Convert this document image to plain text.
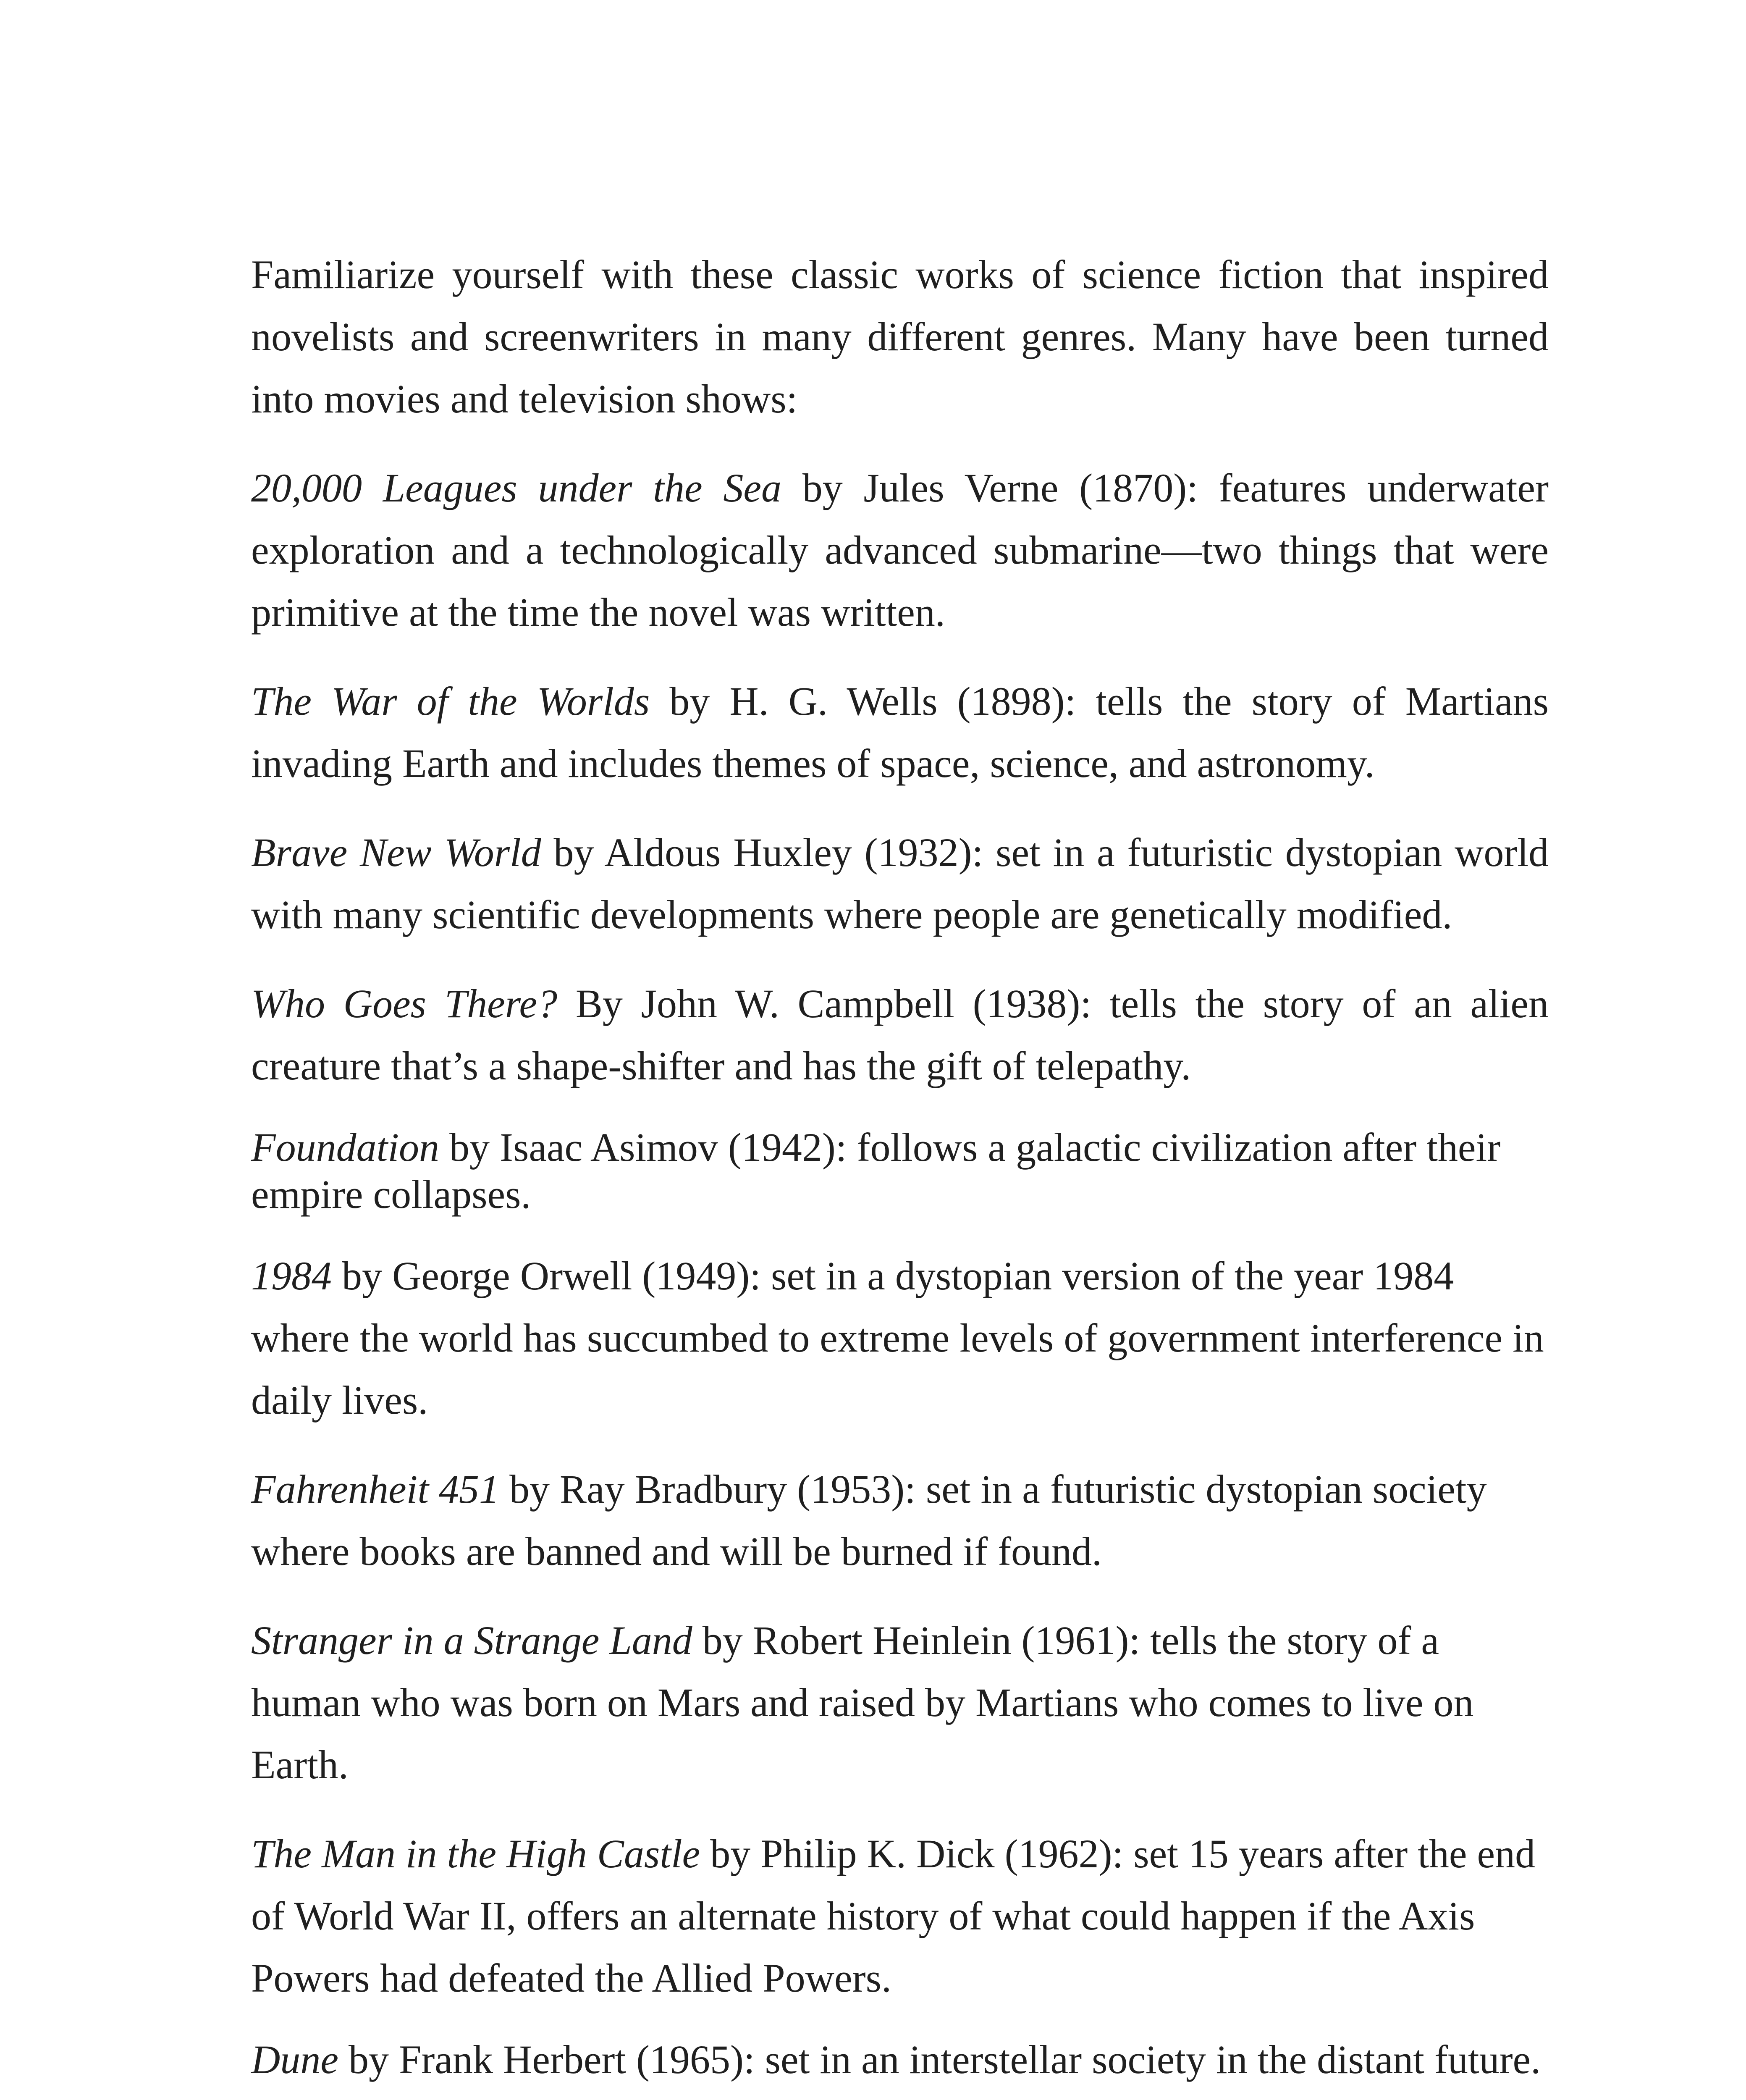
Familiarize yourself with these classic works of science fiction that inspired novelists and screenwriters in many different genres. Many have been turned into movies and television shows:

20,000 Leagues under the Sea by Jules Verne (1870): features underwater exploration and a technologically advanced submarine—two things that were primitive at the time the novel was written.

The War of the Worlds by H. G. Wells (1898): tells the story of Martians invading Earth and includes themes of space, science, and astronomy.

Brave New World by Aldous Huxley (1932): set in a futuristic dystopian world with many scientific developments where people are genetically modified.

Who Goes There? By John W. Campbell (1938): tells the story of an alien creature that’s a shape-shifter and has the gift of telepathy.

Foundation by Isaac Asimov (1942): follows a galactic civilization after their empire collapses.

1984 by George Orwell (1949): set in a dystopian version of the year 1984 where the world has succumbed to extreme levels of government interference in daily lives.

Fahrenheit 451 by Ray Bradbury (1953): set in a futuristic dystopian society where books are banned and will be burned if found.

Stranger in a Strange Land by Robert Heinlein (1961): tells the story of a human who was born on Mars and raised by Martians who comes to live on Earth.

The Man in the High Castle by Philip K. Dick (1962): set 15 years after the end of World War II, offers an alternate history of what could happen if the Axis Powers had defeated the Allied Powers.

Dune by Frank Herbert (1965): set in an interstellar society in the distant future.
